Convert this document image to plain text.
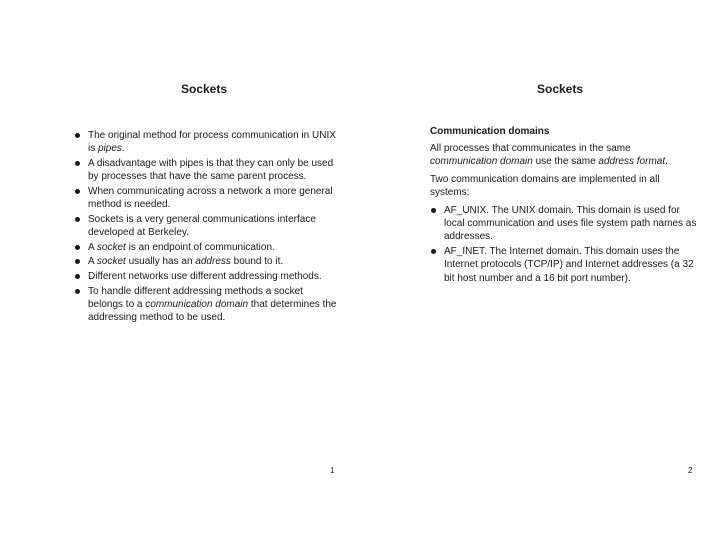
Sockets
The original method for process communication in UNIX is pipes.
A disadvantage with pipes is that they can only be used by processes that have the same parent process.
When communicating across a network a more general method is needed.
Sockets is a very general communications interface developed at Berkeley.
A socket is an endpoint of communication.
A socket usually has an address bound to it.
Different networks use different addressing methods.
To handle different addressing methods a socket belongs to a communication domain that determines the addressing method to be used.
1
Sockets

Communication domains

All processes that communicates in the same communication domain use the same address format.

Two communication domains are implemented in all systems:

AF_UNIX. The UNIX domain. This domain is used for local communication and uses file system path names as addresses.
AF_INET. The Internet domain. This domain uses the Internet protocols (TCP/IP) and Internet addresses (a 32 bit host number and a 16 bit port number).
2
